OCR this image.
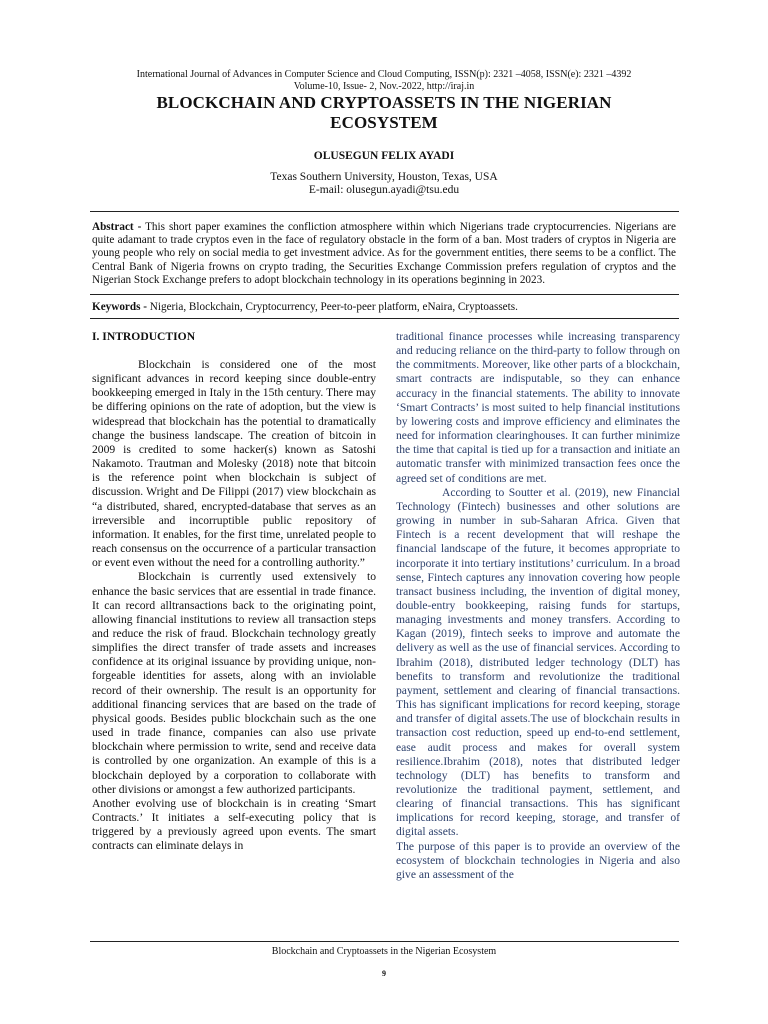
International Journal of Advances in Computer Science and Cloud Computing, ISSN(p): 2321 –4058, ISSN(e): 2321 –4392
Volume-10, Issue- 2, Nov.-2022, http://iraj.in
BLOCKCHAIN AND CRYPTOASSETS IN THE NIGERIAN
ECOSYSTEM
OLUSEGUN FELIX AYADI
Texas Southern University, Houston, Texas, USA
E-mail: olusegun.ayadi@tsu.edu
Abstract - This short paper examines the confliction atmosphere within which Nigerians trade cryptocurrencies. Nigerians are quite adamant to trade cryptos even in the face of regulatory obstacle in the form of a ban. Most traders of cryptos in Nigeria are young people who rely on social media to get investment advice. As for the government entities, there seems to be a conflict. The Central Bank of Nigeria frowns on crypto trading, the Securities Exchange Commission prefers regulation of cryptos and the Nigerian Stock Exchange prefers to adopt blockchain technology in its operations beginning in 2023.
Keywords - Nigeria, Blockchain, Cryptocurrency, Peer-to-peer platform, eNaira, Cryptoassets.
I. INTRODUCTION

Blockchain is considered one of the most significant advances in record keeping since double-entry bookkeeping emerged in Italy in the 15th century. There may be differing opinions on the rate of adoption, but the view is widespread that blockchain has the potential to dramatically change the business landscape. The creation of bitcoin in 2009 is credited to some hacker(s) known as Satoshi Nakamoto. Trautman and Molesky (2018) note that bitcoin is the reference point when blockchain is subject of discussion. Wright and De Filippi (2017) view blockchain as “a distributed, shared, encrypted-database that serves as an irreversible and incorruptible public repository of information. It enables, for the first time, unrelated people to reach consensus on the occurrence of a particular transaction or event even without the need for a controlling authority.”

Blockchain is currently used extensively to enhance the basic services that are essential in trade finance. It can record alltransactions back to the originating point, allowing financial institutions to review all transaction steps and reduce the risk of fraud. Blockchain technology greatly simplifies the direct transfer of trade assets and increases confidence at its original issuance by providing unique, non-forgeable identities for assets, along with an inviolable record of their ownership. The result is an opportunity for additional financing services that are based on the trade of physical goods. Besides public blockchain such as the one used in trade finance, companies can also use private blockchain where permission to write, send and receive data is controlled by one organization. An example of this is a blockchain deployed by a corporation to collaborate with other divisions or amongst a few authorized participants.

Another evolving use of blockchain is in creating ‘Smart Contracts.’ It initiates a self-executing policy that is triggered by a previously agreed upon events. The smart contracts can eliminate delays in

traditional finance processes while increasing transparency and reducing reliance on the third-party to follow through on the commitments. Moreover, like other parts of a blockchain, smart contracts are indisputable, so they can enhance accuracy in the financial statements. The ability to innovate ‘Smart Contracts’ is most suited to help financial institutions by lowering costs and improve efficiency and eliminates the need for information clearinghouses. It can further minimize the time that capital is tied up for a transaction and initiate an automatic transfer with minimized transaction fees once the agreed set of conditions are met.

According to Soutter et al. (2019), new Financial Technology (Fintech) businesses and other solutions are growing in number in sub-Saharan Africa. Given that Fintech is a recent development that will reshape the financial landscape of the future, it becomes appropriate to incorporate it into tertiary institutions’ curriculum. In a broad sense, Fintech captures any innovation covering how people transact business including, the invention of digital money, double-entry bookkeeping, raising funds for startups, managing investments and money transfers. According to Kagan (2019), fintech seeks to improve and automate the delivery as well as the use of financial services. According to Ibrahim (2018), distributed ledger technology (DLT) has benefits to transform and revolutionize the traditional payment, settlement and clearing of financial transactions. This has significant implications for record keeping, storage and transfer of digital assets.The use of blockchain results in transaction cost reduction, speed up end-to-end settlement, ease audit process and makes for overall system resilience.Ibrahim (2018), notes that distributed ledger technology (DLT) has benefits to transform and revolutionize the traditional payment, settlement, and clearing of financial transactions. This has significant implications for record keeping, storage, and transfer of digital assets.

The purpose of this paper is to provide an overview of the ecosystem of blockchain technologies in Nigeria and also give an assessment of the

Blockchain and Cryptoassets in the Nigerian Ecosystem
9
